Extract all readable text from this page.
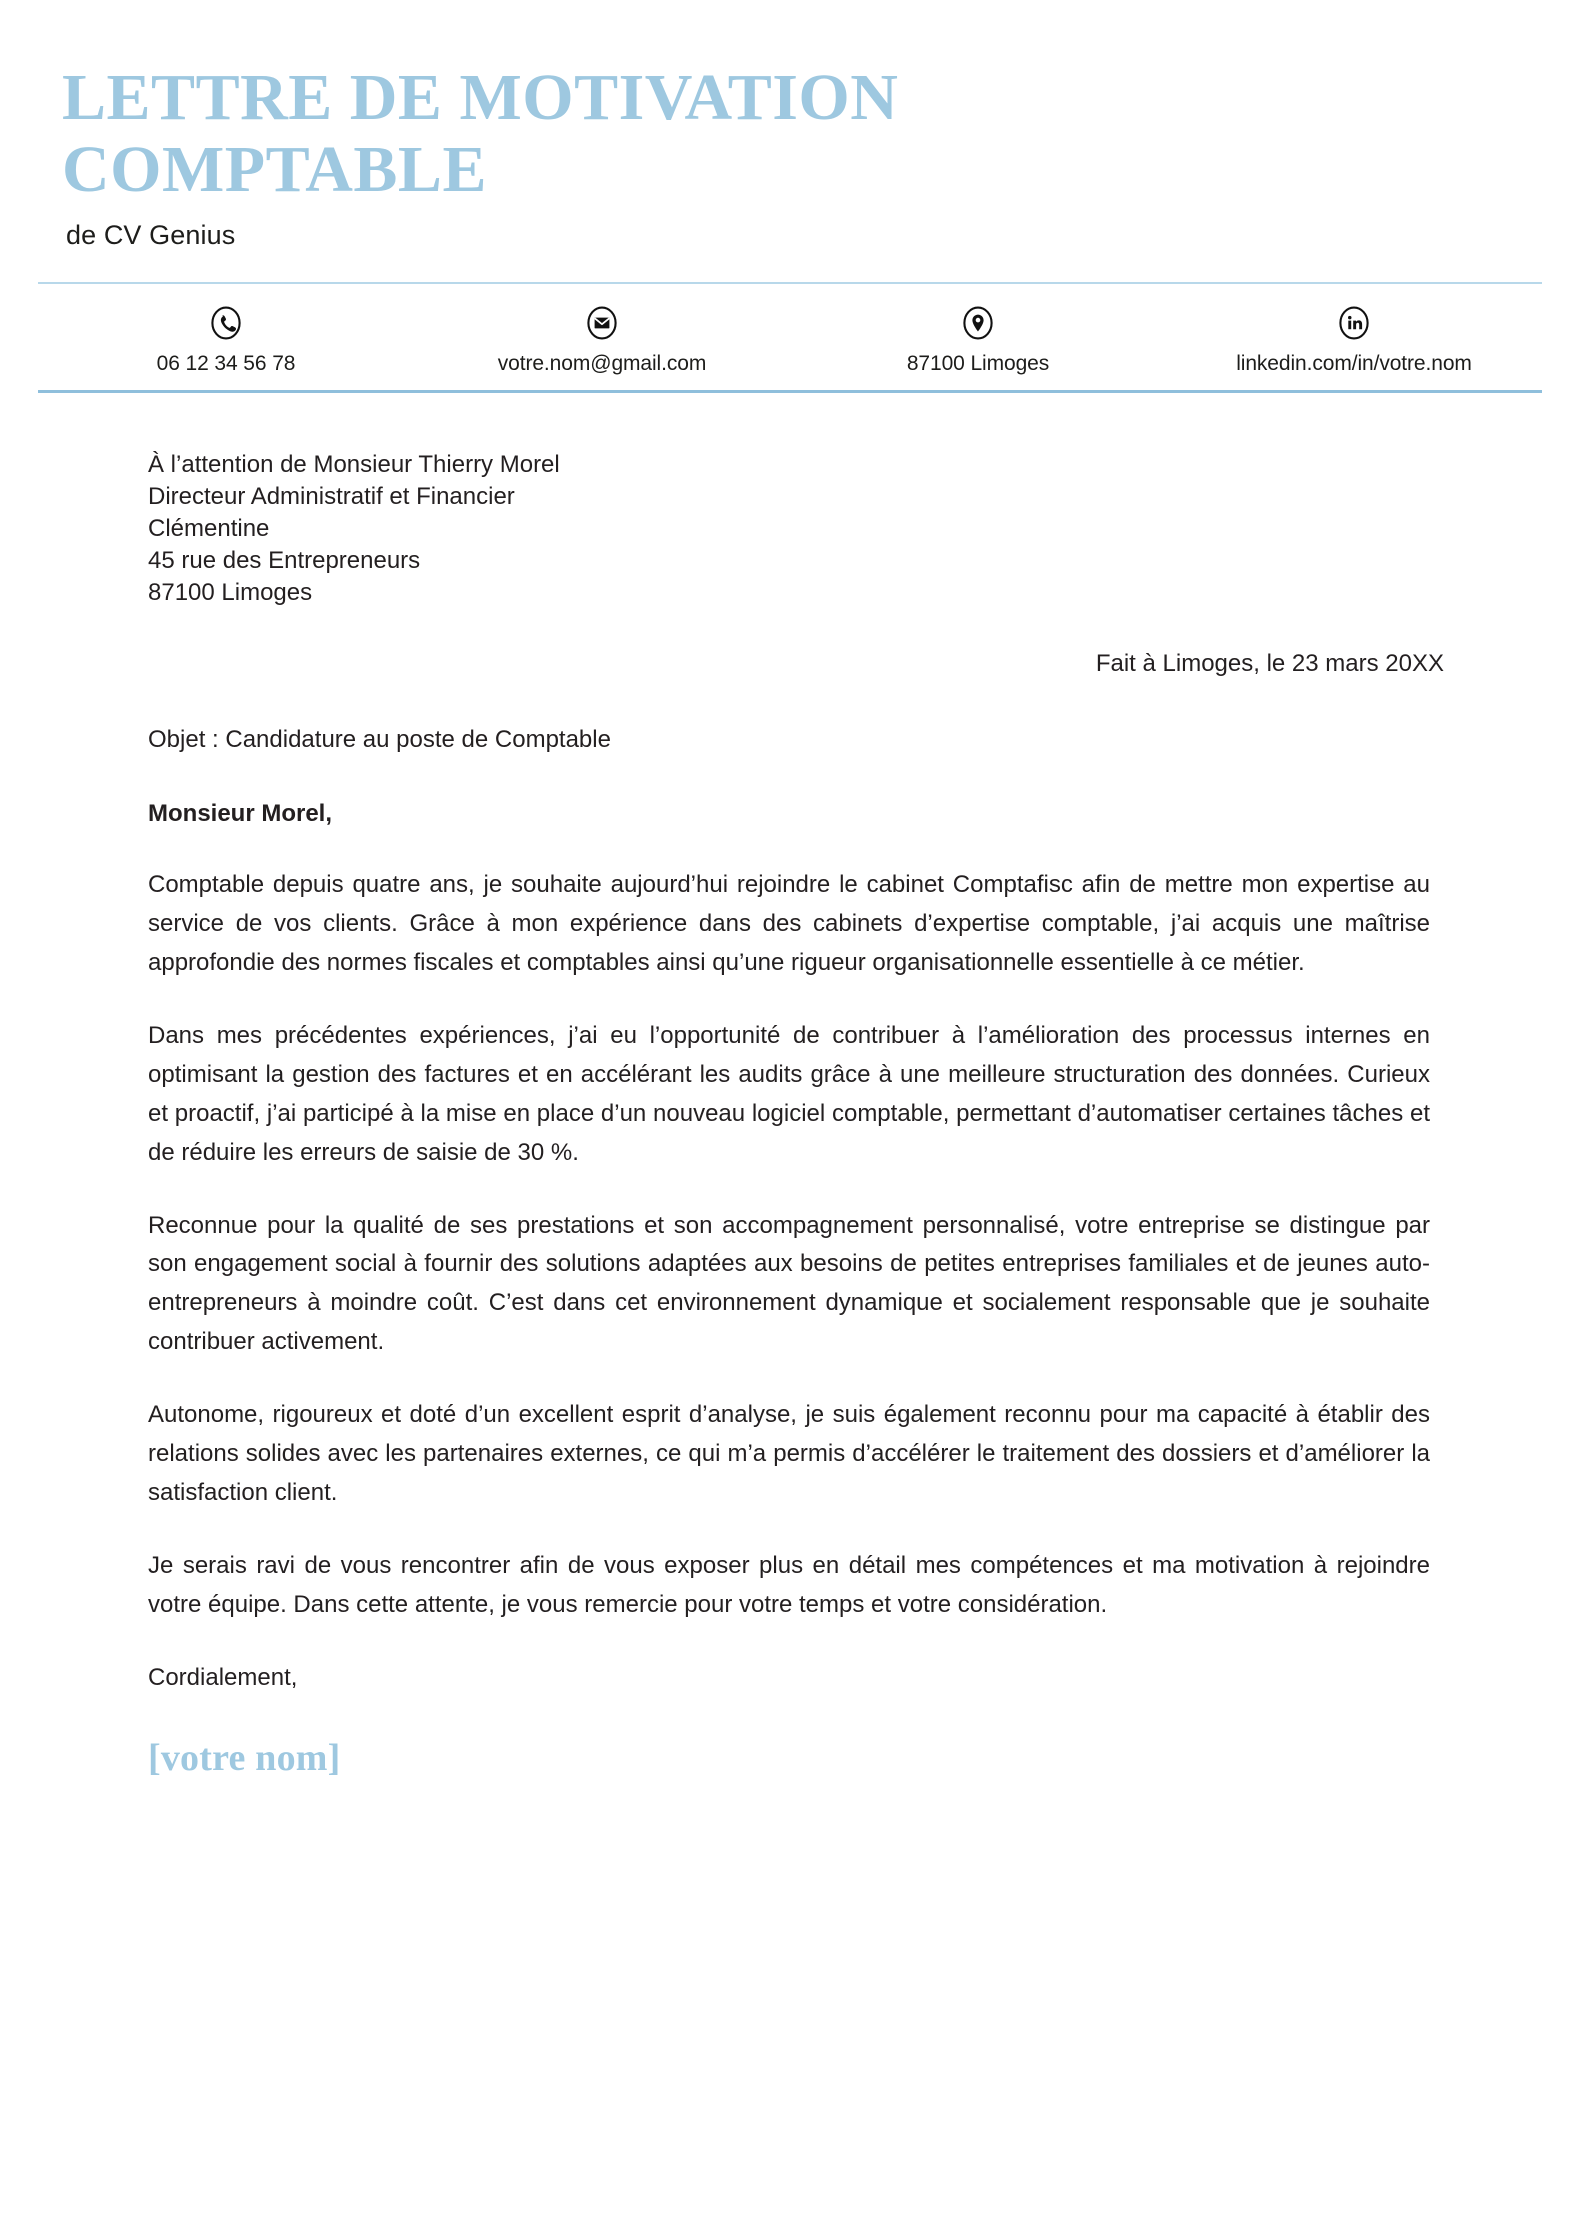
LETTRE DE MOTIVATION COMPTABLE
de CV Genius
06 12 34 56 78	votre.nom@gmail.com	87100 Limoges	linkedin.com/in/votre.nom
À l’attention de Monsieur Thierry Morel
Directeur Administratif et Financier
Clémentine
45 rue des Entrepreneurs
87100 Limoges
Fait à Limoges, le 23 mars 20XX
Objet : Candidature au poste de Comptable
Monsieur Morel,

Comptable depuis quatre ans, je souhaite aujourd’hui rejoindre le cabinet Comptafisc afin de mettre mon expertise au service de vos clients. Grâce à mon expérience dans des cabinets d’expertise comptable, j’ai acquis une maîtrise approfondie des normes fiscales et comptables ainsi qu’une rigueur organisationnelle essentielle à ce métier.

Dans mes précédentes expériences, j’ai eu l’opportunité de contribuer à l’amélioration des processus internes en optimisant la gestion des factures et en accélérant les audits grâce à une meilleure structuration des données. Curieux et proactif, j’ai participé à la mise en place d’un nouveau logiciel comptable, permettant d’automatiser certaines tâches et de réduire les erreurs de saisie de 30 %.

Reconnue pour la qualité de ses prestations et son accompagnement personnalisé, votre entreprise se distingue par son engagement social à fournir des solutions adaptées aux besoins de petites entreprises familiales et de jeunes auto-entrepreneurs à moindre coût. C’est dans cet environnement dynamique et socialement responsable que je souhaite contribuer activement.

Autonome, rigoureux et doté d’un excellent esprit d’analyse, je suis également reconnu pour ma capacité à établir des relations solides avec les partenaires externes, ce qui m’a permis d’accélérer le traitement des dossiers et d’améliorer la satisfaction client.

Je serais ravi de vous rencontrer afin de vous exposer plus en détail mes compétences et ma motivation à rejoindre votre équipe. Dans cette attente, je vous remercie pour votre temps et votre considération.

Cordialement,
[votre nom]
